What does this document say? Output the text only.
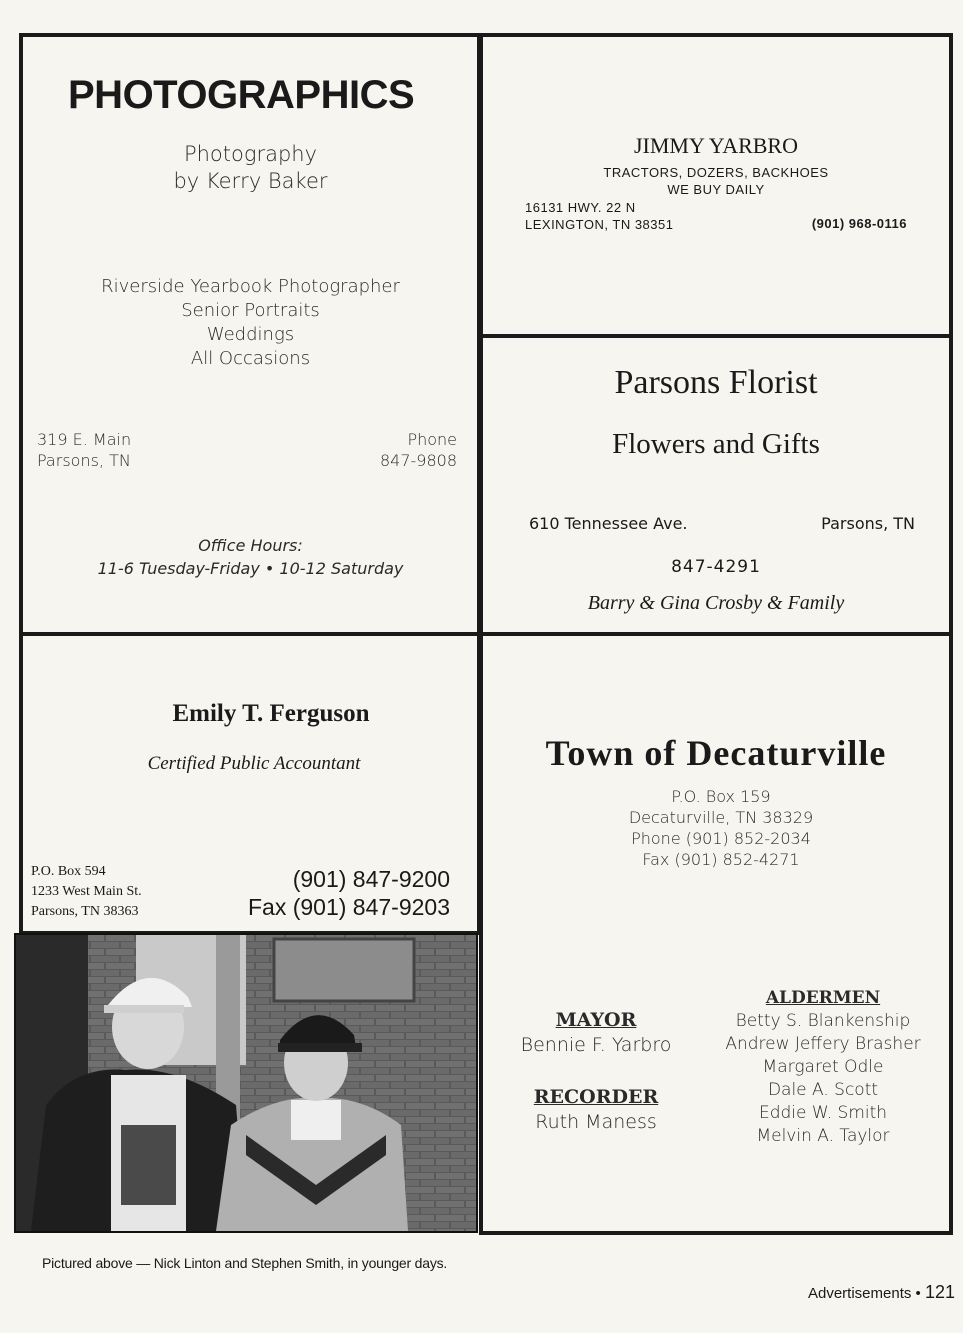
PHOTOGRAPHICS
Photography
by Kerry Baker
Riverside Yearbook Photographer
Senior Portraits
Weddings
All Occasions
319 E. Main
Parsons, TN
Phone
847-9808
Office Hours:
11-6 Tuesday-Friday • 10-12 Saturday
JIMMY YARBRO
TRACTORS, DOZERS, BACKHOES
WE BUY DAILY
16131 HWY. 22 N
LEXINGTON, TN 38351	(901) 968-0116
Parsons Florist
Flowers and Gifts
610 Tennessee Ave.	Parsons, TN
847-4291
Barry & Gina Crosby & Family
Emily T. Ferguson
Certified Public Accountant
P.O. Box 594
1233 West Main St.
Parsons, TN 38363
(901) 847-9200
Fax (901) 847-9203
Town of Decaturville
P.O. Box 159
Decaturville, TN 38329
Phone (901) 852-2034
Fax (901) 852-4271
MAYOR
Bennie F. Yarbro
RECORDER
Ruth Maness
ALDERMEN
Betty S. Blankenship
Andrew Jeffery Brasher
Margaret Odle
Dale A. Scott
Eddie W. Smith
Melvin A. Taylor
Pictured above — Nick Linton and Stephen Smith, in younger days.
Advertisements • 121
